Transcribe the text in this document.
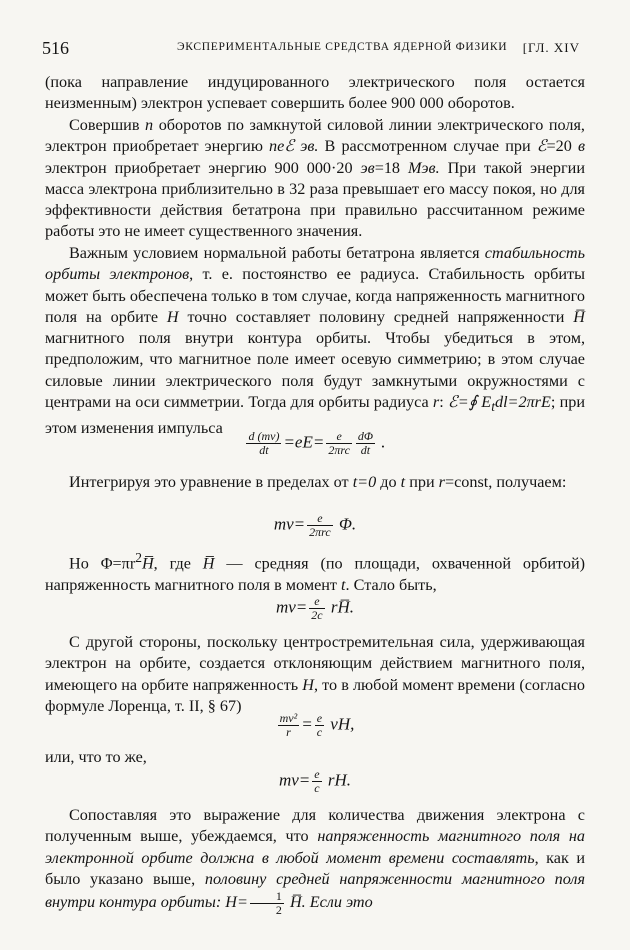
516	ЭКСПЕРИМЕНТАЛЬНЫЕ СРЕДСТВА ЯДЕРНОЙ ФИЗИКИ [ГЛ. XIV
(пока направление индуцированного электрического поля остается неизменным) электрон успевает совершить более 900 000 оборотов.
Совершив n оборотов по замкнутой силовой линии электрического поля, электрон приобретает энергию neℰ эв. В рассмотренном случае при ℰ=20 в электрон приобретает энергию 900 000·20 эв=18 Мэв. При такой энергии масса электрона приблизительно в 32 раза превышает его массу покоя, но для эффективности действия бетатрона при правильно рассчитанном режиме работы это не имеет существенного значения.
Важным условием нормальной работы бетатрона является стабильность орбиты электронов, т. е. постоянство ее радиуса. Стабильность орбиты может быть обеспечена только в том случае, когда напряженность магнитного поля на орбите H точно составляет половину средней напряженности H̅ магнитного поля внутри контура орбиты. Чтобы убедиться в этом, предположим, что магнитное поле имеет осевую симметрию; в этом случае силовые линии электрического поля будут замкнутыми окружностями с центрами на оси симметрии. Тогда для орбиты радиуса r: ℰ=∮ $E_tdl=2\pi rE$; при этом изменения импульса
$\frac{d (mv)}{dt} =eE=$	e
$2\pi rc \frac{d\Phi}{dt}$ .
Интегрируя это уравнение в пределах от t=0 до t при r=const, получаем:
mv=	e
2πrc Φ.
Но $\Phi=\pi r^2H̅$, где H̅ — средняя (по площади, охваченной орбитой) напряженность магнитного поля в момент t. Стало быть,
$mv= \frac{e}{2c}$ rH̅.
С другой стороны, поскольку центростремительная сила, удерживающая электрон на орбите, создается отклоняющим действием магнитного поля, имеющего на орбите напряженность H, то в любой момент времени (согласно формуле Лоренца, т. II, § 67)
$\frac{\text{mv²}}{r} = \frac{e}{c}$ vH,
или, что то же,
$mv= \frac{e}{c}$ rH.
Сопоставляя это выражение для количества движения электрона с полученным выше, убеждаемся, что напряженность магнитного поля на электронной орбите должна в любой момент времени составлять, как и было указано выше, половину средней напряженности магнитного поля внутри контура орбиты: $H= \frac{1}{2}$ H̅. Если это
